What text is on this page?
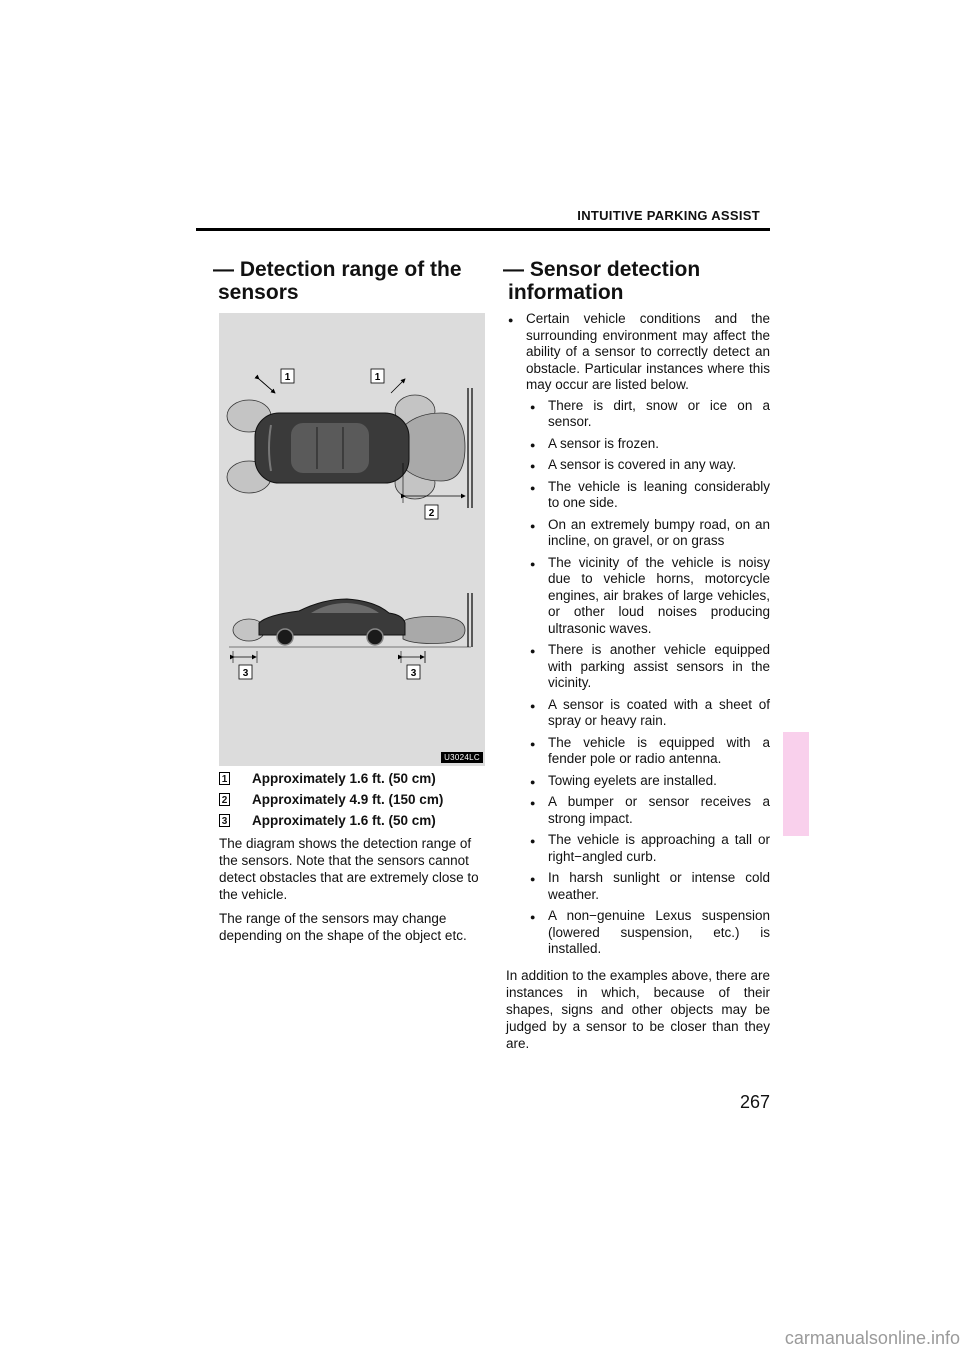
INTUITIVE PARKING ASSIST
— Detection range of the
sensors
— Sensor detection
information
1	1
2
3	3
U3024LC
1 Approximately 1.6 ft. (50 cm)
2 Approximately 4.9 ft. (150 cm)
3 Approximately 1.6 ft. (50 cm)

The diagram shows the detection range of the sensors. Note that the sensors cannot detect obstacles that are extremely close to the vehicle.

The range of the sensors may change depending on the shape of the object etc.

● Certain vehicle conditions and the surrounding environment may affect the ability of a sensor to correctly detect an obstacle. Particular instances where this may occur are listed below.
● There is dirt, snow or ice on a sensor.
● A sensor is frozen.
● A sensor is covered in any way.
● The vehicle is leaning considerably to one side.
● On an extremely bumpy road, on an incline, on gravel, or on grass
● The vicinity of the vehicle is noisy due to vehicle horns, motorcycle engines, air brakes of large vehicles, or other loud noises producing ultrasonic waves.
● There is another vehicle equipped with parking assist sensors in the vicinity.
● A sensor is coated with a sheet of spray or heavy rain.
● The vehicle is equipped with a fender pole or radio antenna.
● Towing eyelets are installed.
● A bumper or sensor receives a strong impact.
● The vehicle is approaching a tall or right−angled curb.
● In harsh sunlight or intense cold weather.
● A non−genuine Lexus suspension (lowered suspension, etc.) is installed.

In addition to the examples above, there are instances in which, because of their shapes, signs and other objects may be judged by a sensor to be closer than they are.

267
carmanualsonline.info
